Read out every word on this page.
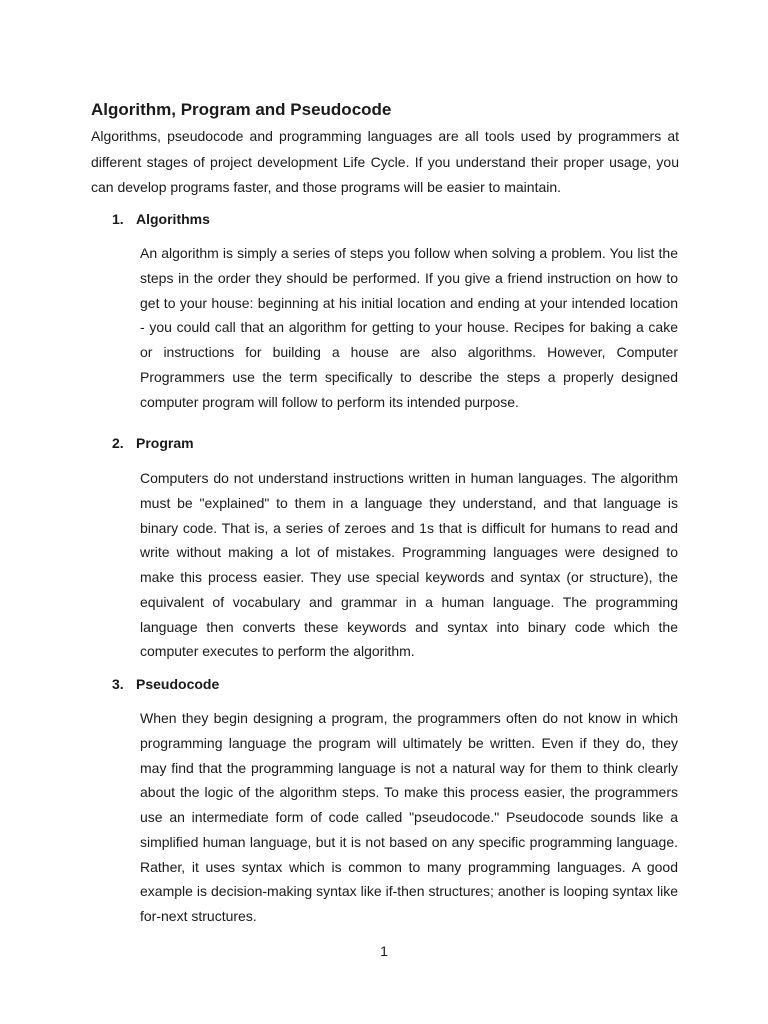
Algorithm, Program and Pseudocode

Algorithms, pseudocode and programming languages are all tools used by programmers at different stages of project development Life Cycle. If you understand their proper usage, you can develop programs faster, and those programs will be easier to maintain.

1. Algorithms

An algorithm is simply a series of steps you follow when solving a problem. You list the steps in the order they should be performed. If you give a friend instruction on how to get to your house: beginning at his initial location and ending at your intended location - you could call that an algorithm for getting to your house. Recipes for baking a cake or instructions for building a house are also algorithms. However, Computer Programmers use the term specifically to describe the steps a properly designed computer program will follow to perform its intended purpose.

2. Program

Computers do not understand instructions written in human languages. The algorithm must be "explained" to them in a language they understand, and that language is binary code. That is, a series of zeroes and 1s that is difficult for humans to read and write without making a lot of mistakes. Programming languages were designed to make this process easier. They use special keywords and syntax (or structure), the equivalent of vocabulary and grammar in a human language. The programming language then converts these keywords and syntax into binary code which the computer executes to perform the algorithm.

3. Pseudocode

When they begin designing a program, the programmers often do not know in which programming language the program will ultimately be written. Even if they do, they may find that the programming language is not a natural way for them to think clearly about the logic of the algorithm steps. To make this process easier, the programmers use an intermediate form of code called "pseudocode." Pseudocode sounds like a simplified human language, but it is not based on any specific programming language. Rather, it uses syntax which is common to many programming languages. A good example is decision-making syntax like if-then structures; another is looping syntax like for-next structures.

1
